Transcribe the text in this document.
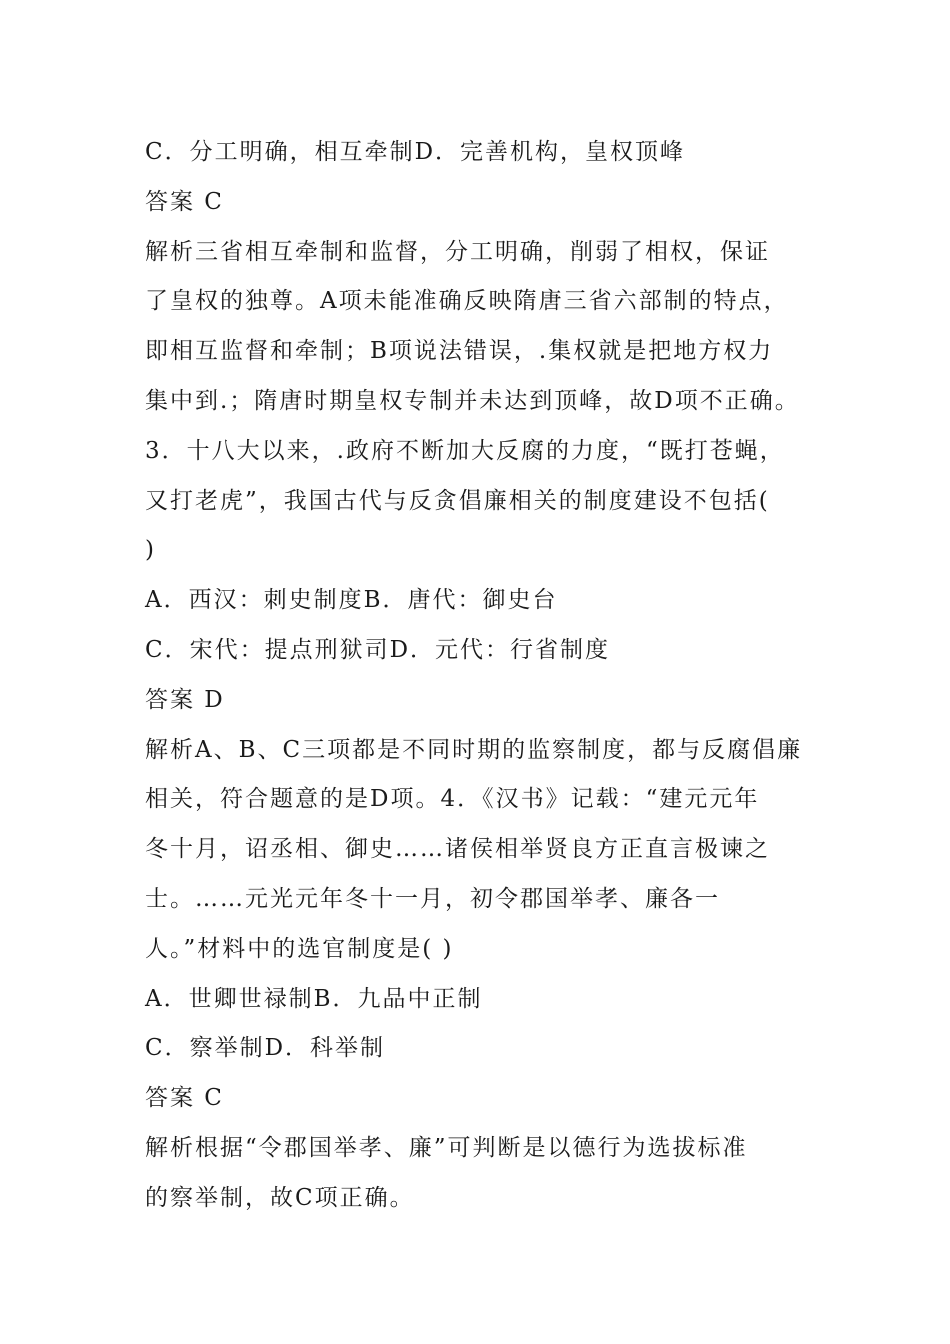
C．分工明确，相互牵制D．完善机构，皇权顶峰
答案 C
解析三省相互牵制和监督，分工明确，削弱了相权，保证
了皇权的独尊。A项未能准确反映隋唐三省六部制的特点，
即相互监督和牵制；B项说法错误，.集权就是把地方权力
集中到.；隋唐时期皇权专制并未达到顶峰，故D项不正确。
3．十八大以来，.政府不断加大反腐的力度，“既打苍蝇，
又打老虎”，我国古代与反贪倡廉相关的制度建设不包括(
)
A．西汉：刺史制度B．唐代：御史台
C．宋代：提点刑狱司D．元代：行省制度
答案 D
解析A、B、C三项都是不同时期的监察制度，都与反腐倡廉
相关，符合题意的是D项。4．《汉书》记载：“建元元年
冬十月，诏丞相、御史……诸侯相举贤良方正直言极谏之
士。……元光元年冬十一月，初令郡国举孝、廉各一
人。”材料中的选官制度是( )
A．世卿世禄制B．九品中正制
C．察举制D．科举制
答案 C
解析根据“令郡国举孝、廉”可判断是以德行为选拔标准
的察举制，故C项正确。
